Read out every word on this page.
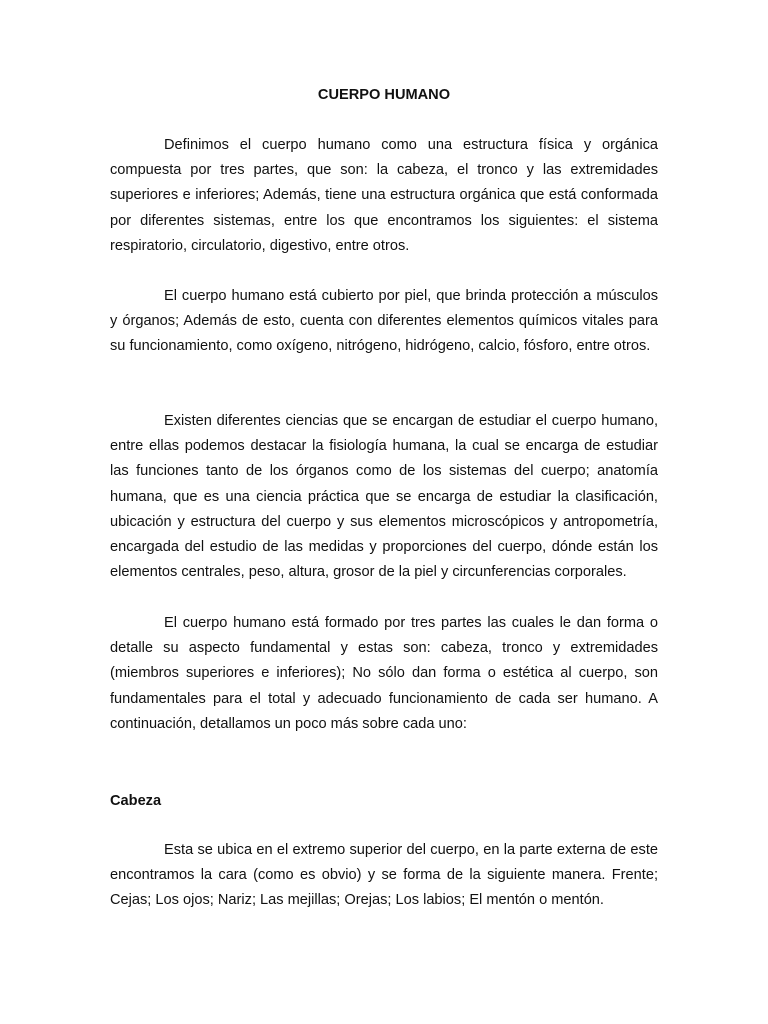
CUERPO HUMANO

Definimos el cuerpo humano como una estructura física y orgánica compuesta por tres partes, que son: la cabeza, el tronco y las extremidades superiores e inferiores; Además, tiene una estructura orgánica que está conformada por diferentes sistemas, entre los que encontramos los siguientes: el sistema respiratorio, circulatorio, digestivo, entre otros.

El cuerpo humano está cubierto por piel, que brinda protección a músculos y órganos; Además de esto, cuenta con diferentes elementos químicos vitales para su funcionamiento, como oxígeno, nitrógeno, hidrógeno, calcio, fósforo, entre otros.

Existen diferentes ciencias que se encargan de estudiar el cuerpo humano, entre ellas podemos destacar la fisiología humana, la cual se encarga de estudiar las funciones tanto de los órganos como de los sistemas del cuerpo; anatomía humana, que es una ciencia práctica que se encarga de estudiar la clasificación, ubicación y estructura del cuerpo y sus elementos microscópicos y antropometría, encargada del estudio de las medidas y proporciones del cuerpo, dónde están los elementos centrales, peso, altura, grosor de la piel y circunferencias corporales.

El cuerpo humano está formado por tres partes las cuales le dan forma o detalle su aspecto fundamental y estas son: cabeza, tronco y extremidades (miembros superiores e inferiores); No sólo dan forma o estética al cuerpo, son fundamentales para el total y adecuado funcionamiento de cada ser humano. A continuación, detallamos un poco más sobre cada uno:

Cabeza

Esta se ubica en el extremo superior del cuerpo, en la parte externa de este encontramos la cara (como es obvio) y se forma de la siguiente manera. Frente; Cejas; Los ojos; Nariz; Las mejillas; Orejas; Los labios; El mentón o mentón.
